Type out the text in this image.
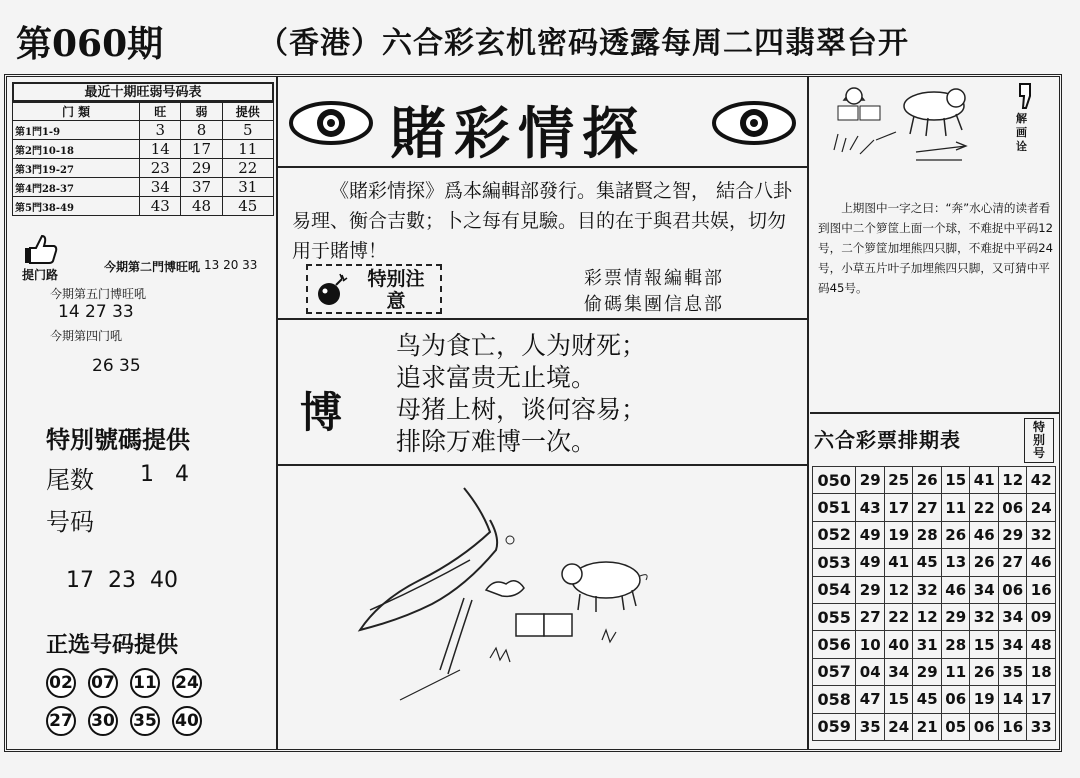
第060期	（香港）六合彩玄机密码透露每周二四翡翠台开
最近十期旺弱号码表
门 類	旺	弱	提供
第1門1-9	3	8	5
第2門10-18	14	17	11
第3門19-27	23	29	22
第4門28-37	34	37	31
第5門38-49	43	48	45
提门路
今期第二門博旺吼 13 20 33
今期第五门博旺吼
14 27 33
今期第四门吼
26 35
特別號碼提供
尾数 1   4
号码
17  23  40
正选号码提供
02 07 11 24
27 30 35 40
賭彩情探
《賭彩情探》爲本編輯部發行。集諸賢之智， 結合八卦易理、衡合吉數；卜之每有見驗。目的在于與君共娱，切勿用于賭博！
特别注意
彩票情報編輯部
偷碼集團信息部
博
鸟为食亡，人为财死；
追求富贵无止境。
母猪上树，谈何容易；
排除万难博一次。
解画诠
上期图中一字之曰：“奔”水心清的读者看到图中二个箩筐上面一个球，不难捉中平码12号，二个箩筐加埋熊四只脚，不难捉中平码24号，小草五片叶子加埋熊四只脚，又可猜中平码45号。
六合彩票排期表
特别号
050	29	25	26	15	41	12	42
051	43	17	27	11	22	06	24
052	49	19	28	26	46	29	32
053	49	41	45	13	26	27	46
054	29	12	32	46	34	06	16
055	27	22	12	29	32	34	09
056	10	40	31	28	15	34	48
057	04	34	29	11	26	35	18
058	47	15	45	06	19	14	17
059	35	24	21	05	06	16	33
